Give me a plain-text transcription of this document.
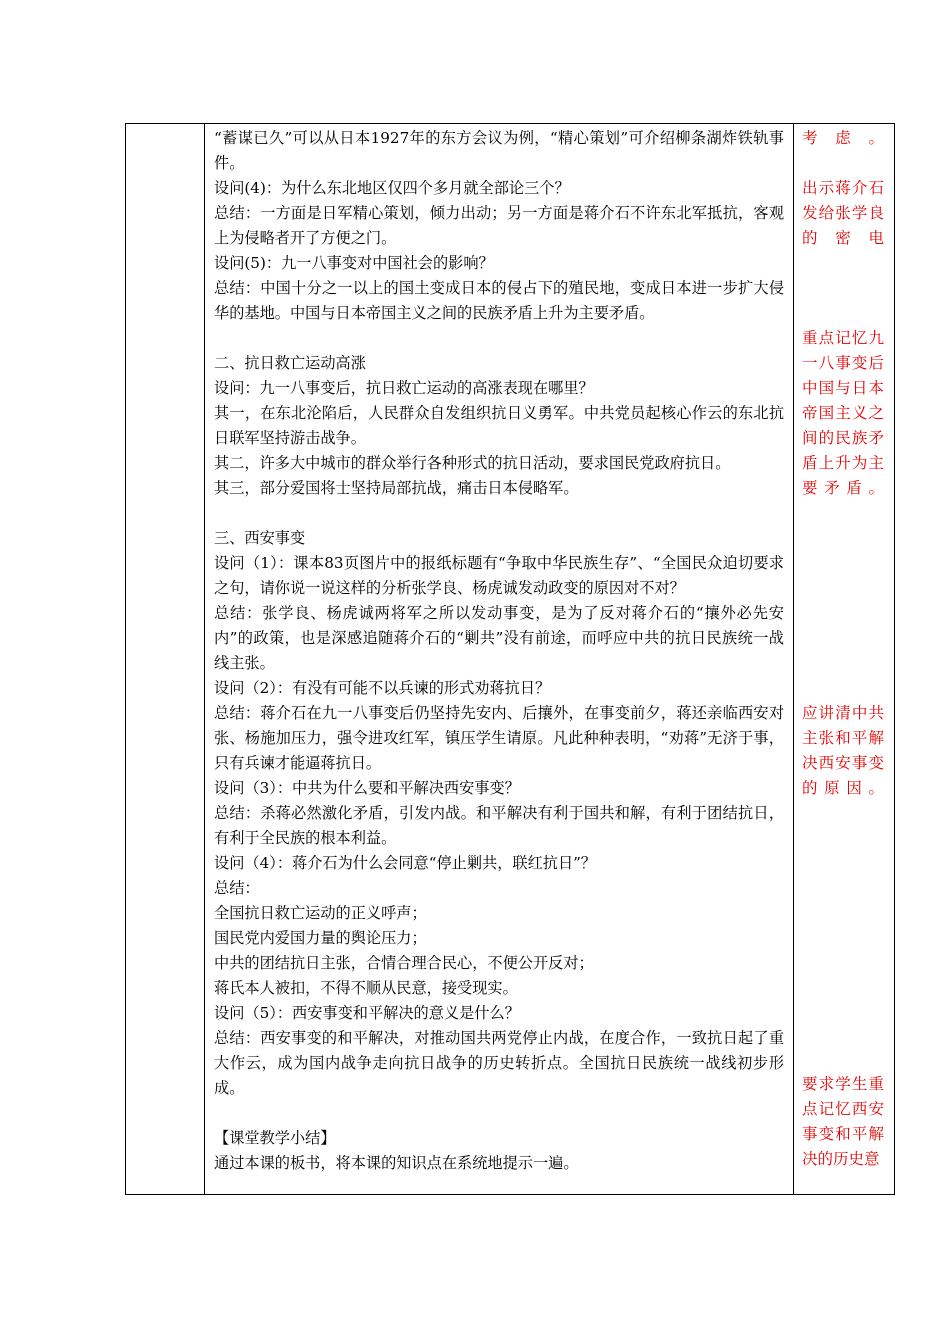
“蓄谋已久”可以从日本1927年的东方会议为例，“精心策划”可介绍柳条湖炸铁轨事件。

设问(4)：为什么东北地区仅四个多月就全部论三个？

总结：一方面是日军精心策划，倾力出动；另一方面是蒋介石不许东北军抵抗，客观上为侵略者开了方便之门。

设问(5)：九一八事变对中国社会的影响？

总结：中国十分之一以上的国土变成日本的侵占下的殖民地，变成日本进一步扩大侵华的基地。中国与日本帝国主义之间的民族矛盾上升为主要矛盾。

二、抗日救亡运动高涨

设问：九一八事变后，抗日救亡运动的高涨表现在哪里？

其一，在东北沦陷后，人民群众自发组织抗日义勇军。中共党员起核心作云的东北抗日联军坚持游击战争。

其二，许多大中城市的群众举行各种形式的抗日活动，要求国民党政府抗日。

其三，部分爱国将士坚持局部抗战，痛击日本侵略军。

三、西安事变

设问（1）：课本83页图片中的报纸标题有“争取中华民族生存”、“全国民众迫切要求之句，请你说一说这样的分析张学良、杨虎诚发动政变的原因对不对？

总结：张学良、杨虎诚两将军之所以发动事变，是为了反对蒋介石的“攘外必先安内”的政策，也是深感追随蒋介石的“剿共”没有前途，而呼应中共的抗日民族统一战线主张。

设问（2）：有没有可能不以兵谏的形式劝蒋抗日？

总结：蒋介石在九一八事变后仍坚持先安内、后攘外，在事变前夕，蒋还亲临西安对张、杨施加压力，强令进攻红军，镇压学生请原。凡此种种表明，“劝蒋”无济于事，只有兵谏才能逼蒋抗日。

设问（3）：中共为什么要和平解决西安事变？

总结：杀蒋必然激化矛盾，引发内战。和平解决有利于国共和解，有利于团结抗日，有利于全民族的根本利益。

设问（4）：蒋介石为什么会同意“停止剿共，联红抗日”？

总结：

全国抗日救亡运动的正义呼声；

国民党内爱国力量的舆论压力；

中共的团结抗日主张，合情合理合民心，不便公开反对；

蒋氏本人被扣，不得不顺从民意，接受现实。

设问（5）：西安事变和平解决的意义是什么？

总结：西安事变的和平解决，对推动国共两党停止内战，在度合作，一致抗日起了重大作云，成为国内战争走向抗日战争的历史转折点。全国抗日民族统一战线初步形成。

【课堂教学小结】

通过本课的板书，将本课的知识点在系统地提示一遍。

考虑。
出示蒋介石发给张学良的密电
重点记忆九一八事变后中国与日本帝国主义之间的民族矛盾上升为主要矛盾。
应讲清中共主张和平解决西安事变的原因。
要求学生重点记忆西安事变和平解决的历史意
